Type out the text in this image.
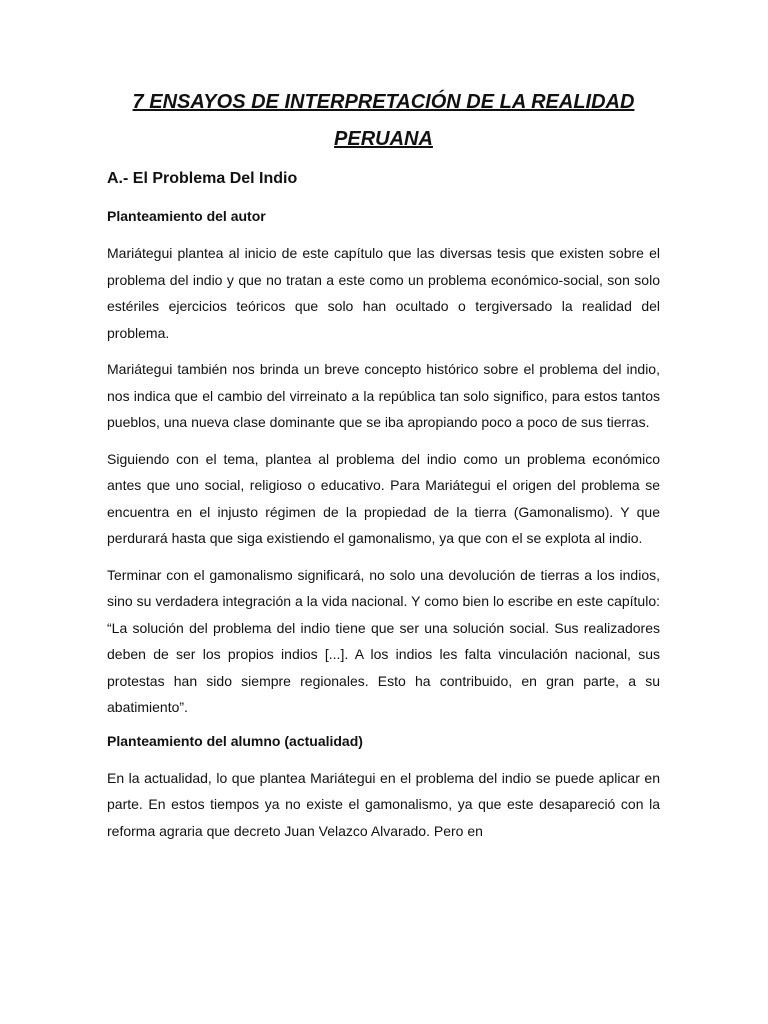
7 ENSAYOS DE INTERPRETACIÓN DE LA REALIDAD PERUANA
A.- El Problema Del Indio
Planteamiento del autor

Mariátegui plantea al inicio de este capítulo que las diversas tesis que existen sobre el problema del indio y que no tratan a este como un problema económico-social, son solo estériles ejercicios teóricos que solo han ocultado o tergiversado la realidad del problema.

Mariátegui también nos brinda un breve concepto histórico sobre el problema del indio, nos indica que el cambio del virreinato a la república tan solo significo, para estos tantos pueblos, una nueva clase dominante que se iba apropiando poco a poco de sus tierras.

Siguiendo con el tema, plantea al problema del indio como un problema económico antes que uno social, religioso o educativo. Para Mariátegui el origen del problema se encuentra en el injusto régimen de la propiedad de la tierra (Gamonalismo). Y que perdurará hasta que siga existiendo el gamonalismo, ya que con el se explota al indio.

Terminar con el gamonalismo significará, no solo una devolución de tierras a los indios, sino su verdadera integración a la vida nacional. Y como bien lo escribe en este capítulo: “La solución del problema del indio tiene que ser una solución social. Sus realizadores deben de ser los propios indios [...]. A los indios les falta vinculación nacional, sus protestas han sido siempre regionales. Esto ha contribuido, en gran parte, a su abatimiento”.

Planteamiento del alumno (actualidad)

En la actualidad, lo que plantea Mariátegui en el problema del indio se puede aplicar en parte. En estos tiempos ya no existe el gamonalismo, ya que este desapareció con la reforma agraria que decreto Juan Velazco Alvarado. Pero en
